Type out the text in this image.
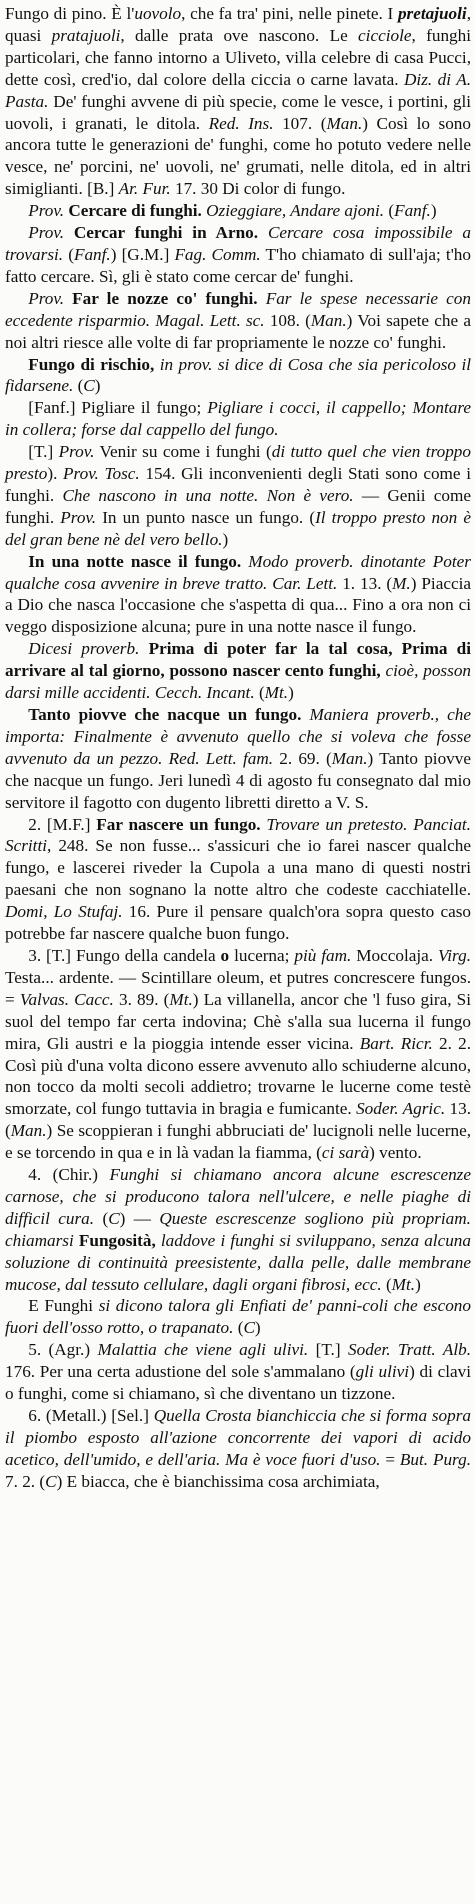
Fungo di pino. È l'uovolo, che fa tra' pini, nelle pinete. I pretajuoli, quasi pratajuoli, dalle prata ove nascono. Le cicciole, funghi particolari, che fanno intorno a Uliveto, villa celebre di casa Pucci, dette così, cred'io, dal colore della ciccia o carne lavata. Diz. di A. Pasta. De' funghi avvene di più specie, come le vesce, i portini, gli uovoli, i granati, le ditola. Red. Ins. 107. (Man.) Così lo sono ancora tutte le generazioni de' funghi, come ho potuto vedere nelle vesce, ne' porcini, ne' uovoli, ne' grumati, nelle ditola, ed in altri simiglianti. [B.] Ar. Fur. 17. 30 Di color di fungo.

Prov. Cercare di funghi. Ozieggiare, Andare ajoni. (Fanf.)

Prov. Cercar funghi in Arno. Cercare cosa impossibile a trovarsi. (Fanf.) [G.M.] Fag. Comm. T'ho chiamato di sull'aja; t'ho fatto cercare. Sì, gli è stato come cercar de' funghi.

Prov. Far le nozze co' funghi. Far le spese necessarie con eccedente risparmio. Magal. Lett. sc. 108. (Man.) Voi sapete che a noi altri riesce alle volte di far propriamente le nozze co' funghi.

Fungo di rischio, in prov. si dice di Cosa che sia pericoloso il fidarsene. (C)

[Fanf.] Pigliare il fungo; Pigliare i cocci, il cappello; Montare in collera; forse dal cappello del fungo.

[T.] Prov. Venir su come i funghi (di tutto quel che vien troppo presto). Prov. Tosc. 154. Gli inconvenienti degli Stati sono come i funghi. Che nascono in una notte. Non è vero. — Genii come funghi. Prov. In un punto nasce un fungo. (Il troppo presto non è del gran bene nè del vero bello.)

In una notte nasce il fungo. Modo proverb. dinotante Poter qualche cosa avvenire in breve tratto. Car. Lett. 1. 13. (M.) Piaccia a Dio che nasca l'occasione che s'aspetta di qua... Fino a ora non ci veggo disposizione alcuna; pure in una notte nasce il fungo.

Dicesi proverb. Prima di poter far la tal cosa, Prima di arrivare al tal giorno, possono nascer cento funghi, cioè, posson darsi mille accidenti. Cecch. Incant. (Mt.)

Tanto piovve che nacque un fungo. Maniera proverb., che importa: Finalmente è avvenuto quello che si voleva che fosse avvenuto da un pezzo. Red. Lett. fam. 2. 69. (Man.) Tanto piovve che nacque un fungo. Jeri lunedì 4 di agosto fu consegnato dal mio servitore il fagotto con dugento libretti diretto a V. S.

2. [M.F.] Far nascere un fungo. Trovare un pretesto. Panciat. Scritti, 248. Se non fusse... s'assicuri che io farei nascer qualche fungo, e lascerei riveder la Cupola a una mano di questi nostri paesani che non sognano la notte altro che codeste cacchiatelle. Domi, Lo Stufaj. 16. Pure il pensare qualch'ora sopra questo caso potrebbe far nascere qualche buon fungo.

3. [T.] Fungo della candela o lucerna; più fam. Moccolaja. Virg. Testa... ardente. — Scintillare oleum, et putres concrescere fungos. = Valvas. Cacc. 3. 89. (Mt.) La villanella, ancor che 'l fuso gira, Si suol del tempo far certa indovina; Chè s'alla sua lucerna il fungo mira, Gli austri e la pioggia intende esser vicina. Bart. Ricr. 2. 2. Così più d'una volta dicono essere avvenuto allo schiuderne alcuno, non tocco da molti secoli addietro; trovarne le lucerne come testè smorzate, col fungo tuttavia in bragia e fumicante. Soder. Agric. 13. (Man.) Se scoppieran i funghi abbruciati de' lucignoli nelle lucerne, e se torcendo in qua e in là vadan la fiamma, (ci sarà) vento.

4. (Chir.) Funghi si chiamano ancora alcune escrescenze carnose, che si producono talora nell'ulcere, e nelle piaghe di difficil cura. (C) — Queste escrescenze sogliono più propriam. chiamarsi Fungosità, laddove i funghi si sviluppano, senza alcuna soluzione di continuità preesistente, dalla pelle, dalle membrane mucose, dal tessuto cellulare, dagli organi fibrosi, ecc. (Mt.)

E Funghi si dicono talora gli Enfiati de' panni-coli che escono fuori dell'osso rotto, o trapanato. (C)

5. (Agr.) Malattia che viene agli ulivi. [T.] Soder. Tratt. Alb. 176. Per una certa adustione del sole s'ammalano (gli ulivi) di clavi o funghi, come si chiamano, sì che diventano un tizzone.

6. (Metall.) [Sel.] Quella Crosta bianchiccia che si forma sopra il piombo esposto all'azione concorrente dei vapori di acido acetico, dell'umido, e dell'aria. Ma è voce fuori d'uso. = But. Purg. 7. 2. (C) E biacca, che è bianchissima cosa archimiata,
